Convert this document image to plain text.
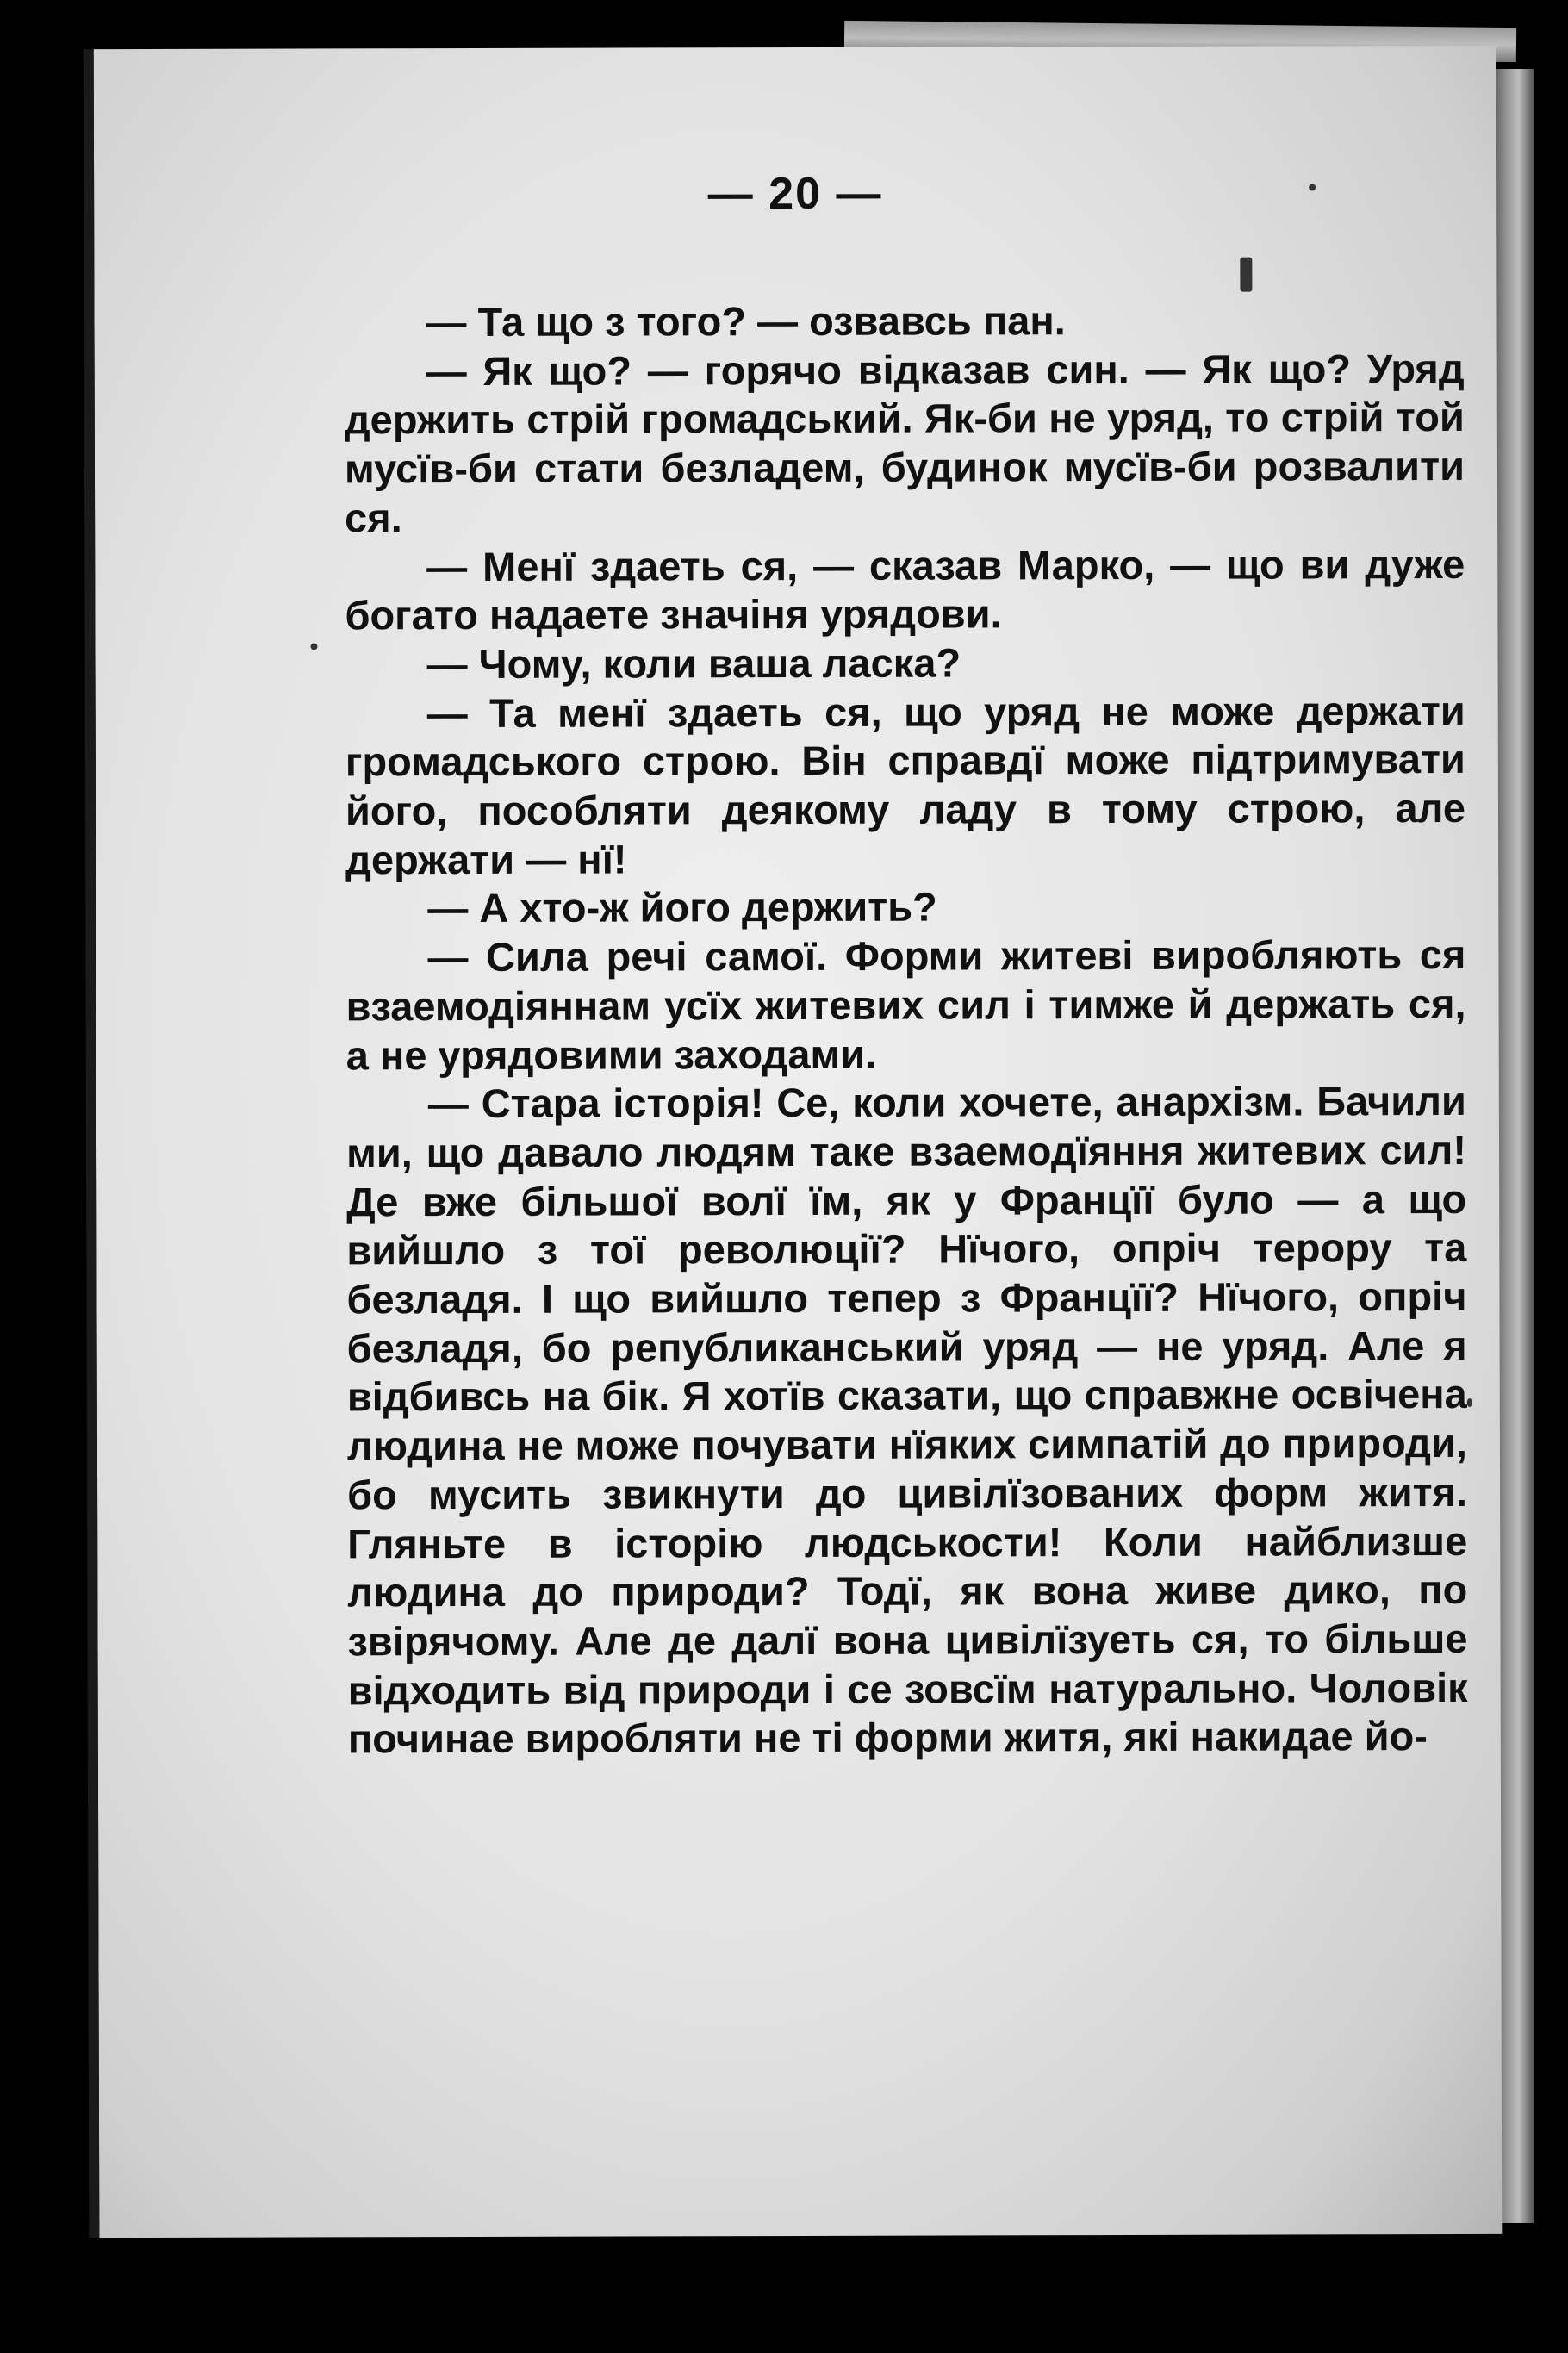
— 20 —

— Та що з того? — озвавсь пан.

— Як що? — горячо відказав син. — Як що? Уряд держить стрій громадський. Як-би не уряд, то стрій той мусїв-би стати безладем, будинок мусїв-би розвалити ся.

— Менї здаеть ся, — сказав Марко, — що ви дуже богато надаете значіня урядови.

— Чому, коли ваша ласка?

— Та менї здаеть ся, що уряд не може держати громадського строю. Він справдї може підтримувати його, пособляти деякому ладу в тому строю, але держати — нї!

— А хто-ж його держить?

— Сила речі самої. Форми житеві виробляють ся взаемодіяннам усїх житевих сил і тимже й держать ся, а не урядовими заходами.

— Стара історія! Се, коли хочете, анархізм. Бачили ми, що давало людям таке взаемодїяння житевих сил! Де вже більшої волї їм, як у Францїї було — а що вийшло з тої революції? Нїчого, опріч терору та безладя. І що вийшло тепер з Францїї? Нїчого, опріч безладя, бо републиканський уряд — не уряд. Але я відбивсь на бік. Я хотїв сказати, що справжне освічена людина не може почувати нїяких симпатій до природи, бо мусить звикнути до цивілїзованих форм житя. Гляньте в історію людськости! Коли найблизше людина до природи? Тодї, як вона живе дико, по звірячому. Але де далї вона цивілїзуеть ся, то більше відходить від природи і се зовсїм натурально. Чоловік починае виробляти не ті форми житя, які накидае йо-
